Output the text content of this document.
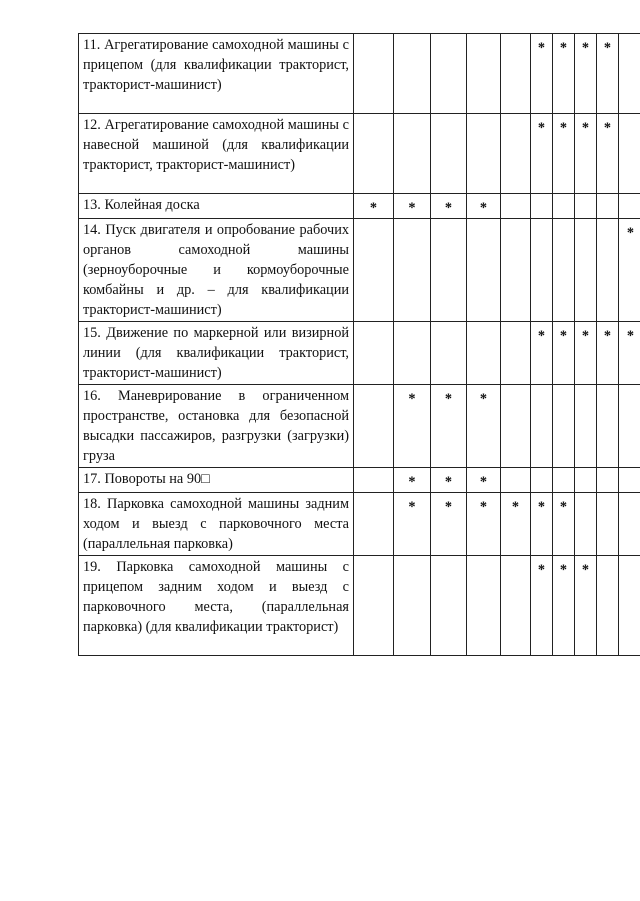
11. Агрегатирование самоходной машины с прицепом (для квалификации тракторист, тракторист-машинист)						*	*	*	*	
12. Агрегатирование самоходной машины с навесной машиной (для квалификации тракторист, тракторист-машинист)						*	*	*	*	
13. Колейная доска	*	*	*	*						
14. Пуск двигателя и опробование рабочих органов самоходной машины (зерноуборочные и кормоуборочные комбайны и др. – для квалификации тракторист-машинист)										*
15. Движение по маркерной или визирной линии (для квалификации тракторист, тракторист-машинист)						*	*	*	*	*
16. Маневрирование в ограниченном пространстве, остановка для безопасной высадки пассажиров, разгрузки (загрузки) груза		*	*	*						
17. Повороты на 90□		*	*	*						
18. Парковка самоходной машины задним ходом и выезд с парковочного места (параллельная парковка)		*	*	*	*	*	*			
19. Парковка самоходной машины с прицепом задним ходом и выезд с парковочного места, (параллельная парковка) (для квалификации тракторист)						*	*	*		
